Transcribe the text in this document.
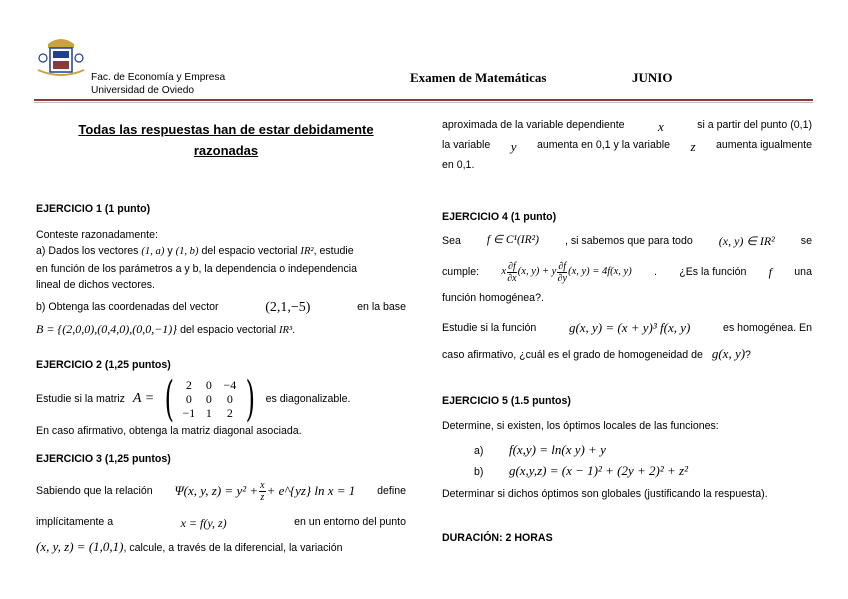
Fac. de Economía y Empresa
Universidad de Oviedo
Examen de Matemáticas	JUNIO
Todas las respuestas han de estar debidamente
razonadas
EJERCICIO 1 (1 punto)
Conteste razonadamente:
a) Dados los vectores (1, a) y (1, b) del espacio vectorial IR², estudie
en función de los parámetros a y b, la dependencia o independencia
lineal de dichos vectores.
b) Obtenga las coordenadas del vector	(2,1,−5)	en la base
B = {(2,0,0),(0,4,0),(0,0,−1)} del espacio vectorial IR³.
EJERCICIO 2 (1,25 puntos)
Estudie si la matriz A = ( 2	0 −4
0	0	0
−1 1	2 ) es diagonalizable.
En caso afirmativo, obtenga la matriz diagonal asociada.
EJERCICIO 3 (1,25 puntos)
Sabiendo que la relación Ψ(x, y, $z) = y^2 + \frac{x}{z}$ + e^{yz} ln x = 1 define
implícitamente a	x = f(y, z)	en un entorno del punto
(x, y, z) = (1,0,1), calcule, a través de la diferencial, la variación
aproximada de la variable dependiente	x	si a partir del punto (0,1)
la variable y aumenta en 0,1 y la variable z aumenta igualmente
en 0,1.
EJERCICIO 4 (1 punto)
Sea f ∈ C¹(IR²) , si sabemos que para todo (x, y) ∈ IR² se
cumple: x $\frac{\partial f}{\partial x} (x$, y) + y $\frac{\partial f}{\partial y} (x$, y) = 4f(x, y) . ¿Es la función f una
función homogénea?.
Estudie si la función	g(x, y) = (x + y)³ f(x, y)	es homogénea. En
caso afirmativo, ¿cuál es el grado de homogeneidad de g(x, y)?
EJERCICIO 5 (1.5 puntos)
Determine, si existen, los óptimos locales de las funciones:
a) f(x,y) = ln(x y) + y
b) g(x,y,z) = (x − 1)² + (2y + 2)² + z²
Determinar si dichos óptimos son globales (justificando la respuesta).
DURACIÓN: 2 HORAS
